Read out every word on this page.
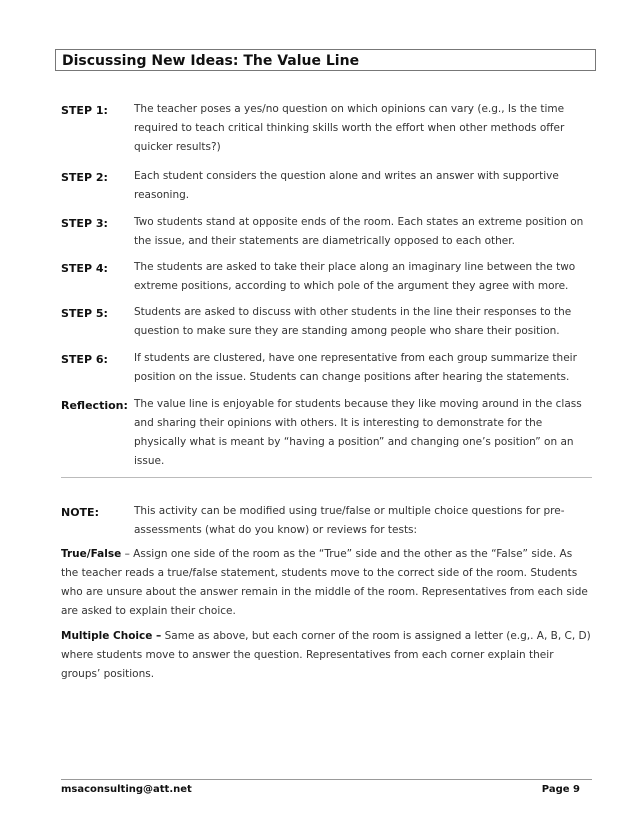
Discussing New Ideas: The Value Line
STEP 1: The teacher poses a yes/no question on which opinions can vary (e.g., Is the time required to teach critical thinking skills worth the effort when other methods offer quicker results?)
STEP 2: Each student considers the question alone and writes an answer with supportive reasoning.
STEP 3: Two students stand at opposite ends of the room. Each states an extreme position on the issue, and their statements are diametrically opposed to each other.
STEP 4: The students are asked to take their place along an imaginary line between the two extreme positions, according to which pole of the argument they agree with more.
STEP 5: Students are asked to discuss with other students in the line their responses to the question to make sure they are standing among people who share their position.
STEP 6: If students are clustered, have one representative from each group summarize their position on the issue. Students can change positions after hearing the statements.
Reflection: The value line is enjoyable for students because they like moving around in the class and sharing their opinions with others. It is interesting to demonstrate for the physically what is meant by “having a position” and changing one’s position” on an issue.
NOTE:	This activity can be modified using true/false or multiple choice questions for pre-assessments (what do you know) or reviews for tests:
True/False – Assign one side of the room as the “True” side and the other as the “False” side. As the teacher reads a true/false statement, students move to the correct side of the room. Students who are unsure about the answer remain in the middle of the room. Representatives from each side are asked to explain their choice.
Multiple Choice – Same as above, but each corner of the room is assigned a letter (e.g,. A, B, C, D) where students move to answer the question. Representatives from each corner explain their groups’ positions.
msaconsulting@att.net	Page 9
